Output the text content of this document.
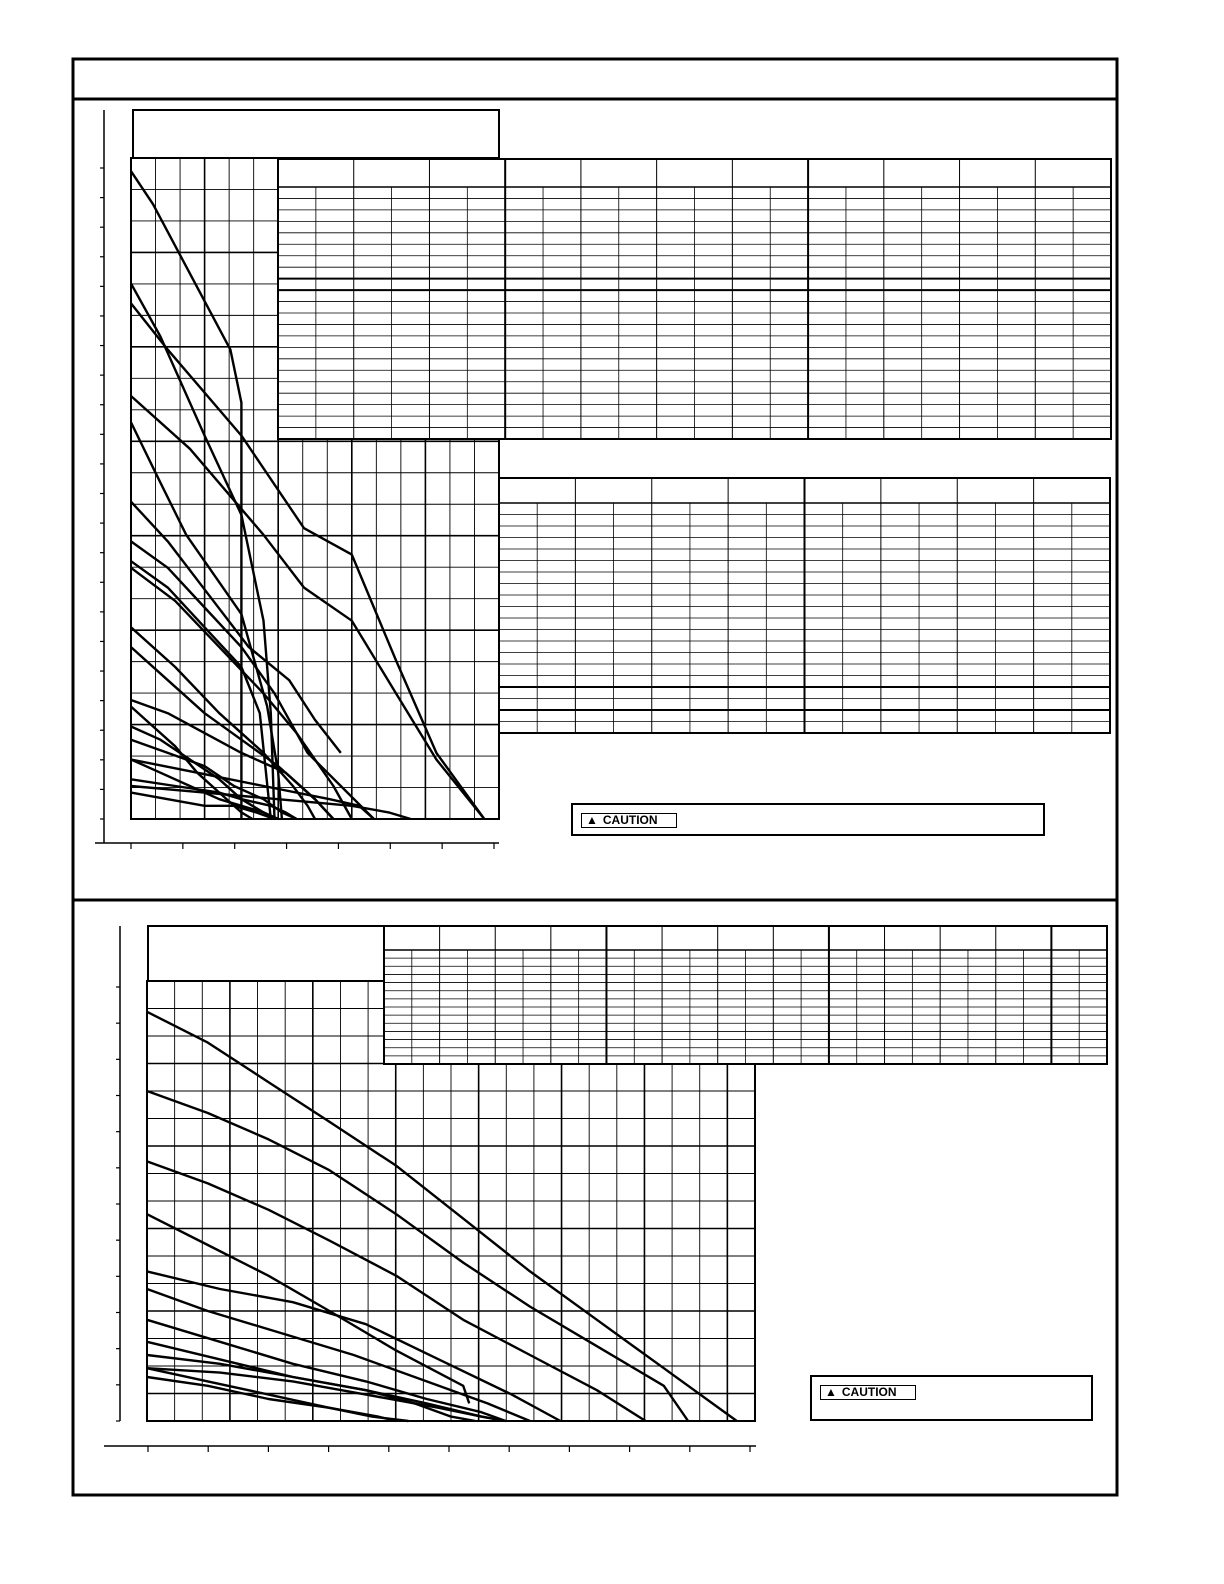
▲ CAUTION
▲ CAUTION
